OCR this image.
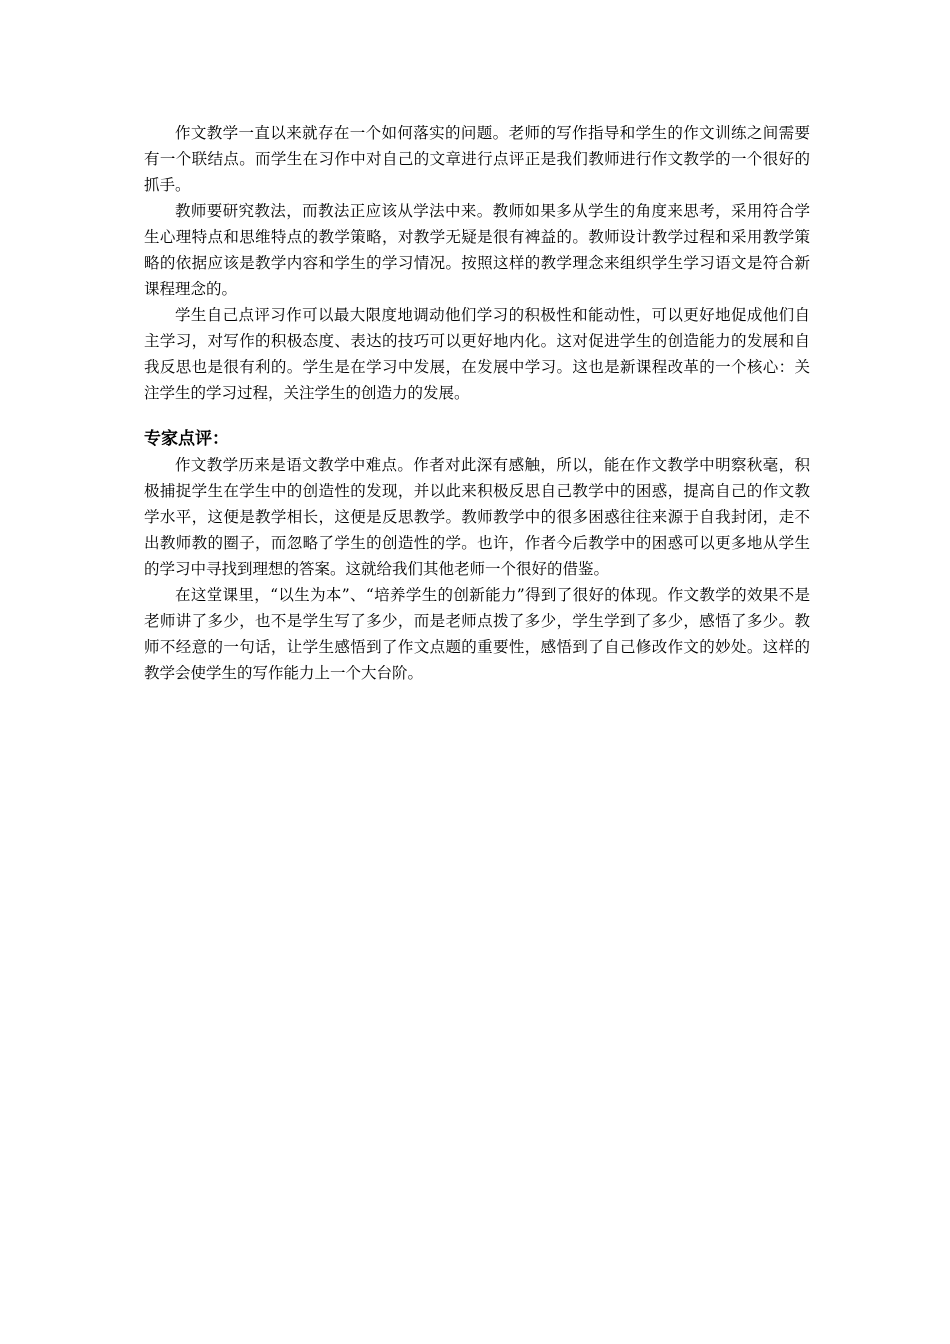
作文教学一直以来就存在一个如何落实的问题。老师的写作指导和学生的作文训练之间需要有一个联结点。而学生在习作中对自己的文章进行点评正是我们教师进行作文教学的一个很好的抓手。

教师要研究教法，而教法正应该从学法中来。教师如果多从学生的角度来思考，采用符合学生心理特点和思维特点的教学策略，对教学无疑是很有裨益的。教师设计教学过程和采用教学策略的依据应该是教学内容和学生的学习情况。按照这样的教学理念来组织学生学习语文是符合新课程理念的。

学生自己点评习作可以最大限度地调动他们学习的积极性和能动性，可以更好地促成他们自主学习，对写作的积极态度、表达的技巧可以更好地内化。这对促进学生的创造能力的发展和自我反思也是很有利的。学生是在学习中发展，在发展中学习。这也是新课程改革的一个核心：关注学生的学习过程，关注学生的创造力的发展。

专家点评：

作文教学历来是语文教学中难点。作者对此深有感触，所以，能在作文教学中明察秋毫，积极捕捉学生在学生中的创造性的发现，并以此来积极反思自己教学中的困惑，提高自己的作文教学水平，这便是教学相长，这便是反思教学。教师教学中的很多困惑往往来源于自我封闭，走不出教师教的圈子，而忽略了学生的创造性的学。也许，作者今后教学中的困惑可以更多地从学生的学习中寻找到理想的答案。这就给我们其他老师一个很好的借鉴。

在这堂课里，“以生为本”、“培养学生的创新能力”得到了很好的体现。作文教学的效果不是老师讲了多少，也不是学生写了多少，而是老师点拨了多少，学生学到了多少，感悟了多少。教师不经意的一句话，让学生感悟到了作文点题的重要性，感悟到了自己修改作文的妙处。这样的教学会使学生的写作能力上一个大台阶。
